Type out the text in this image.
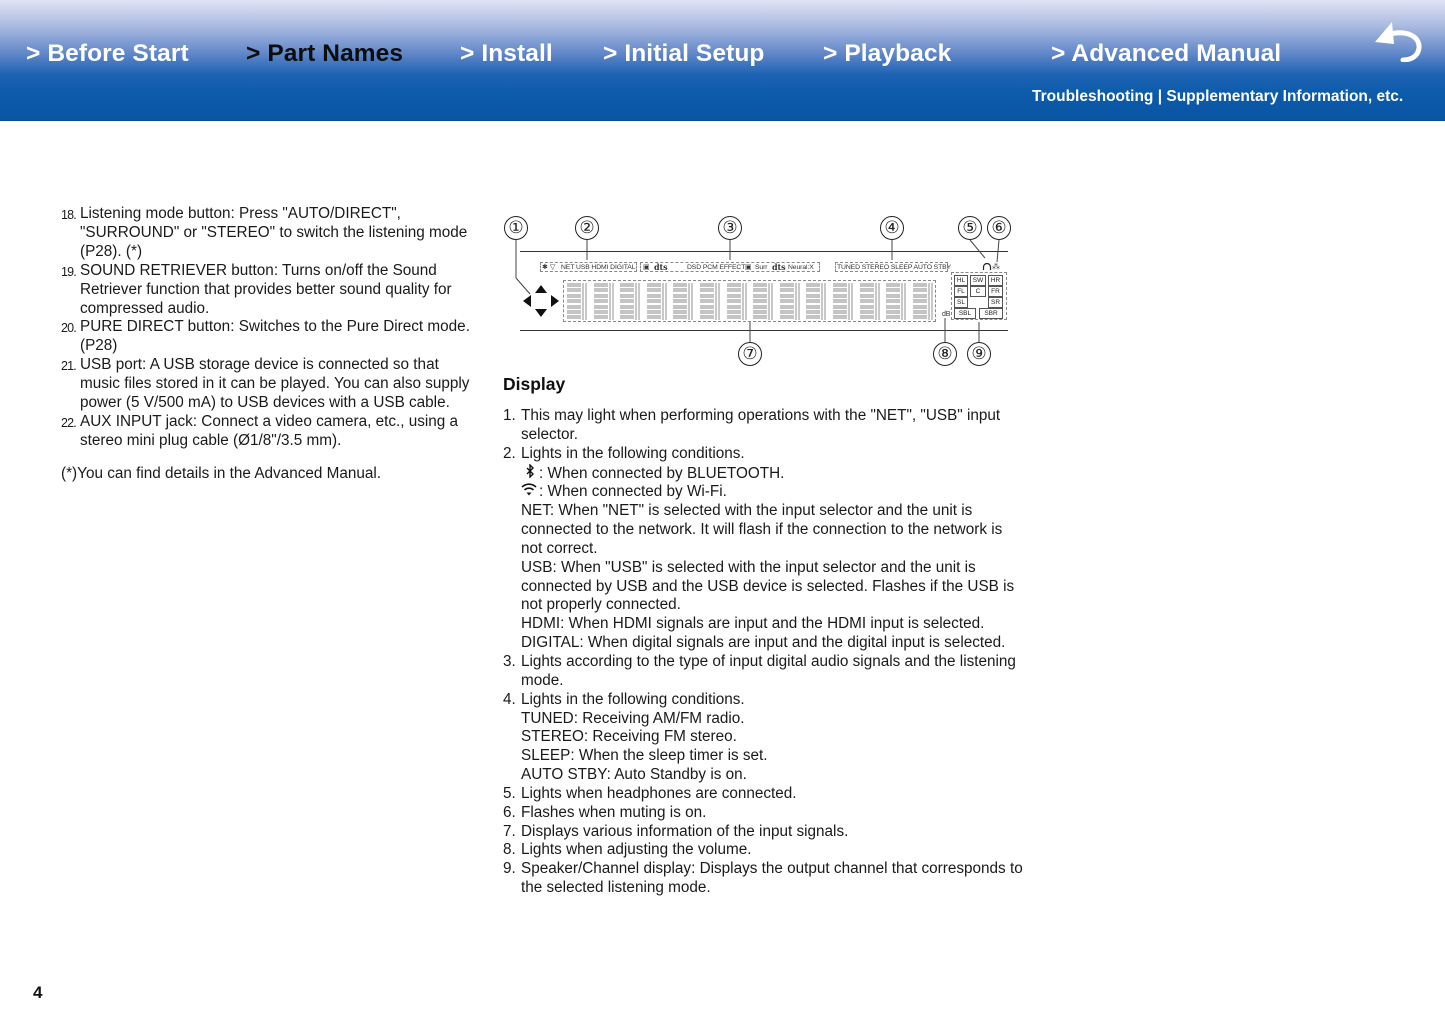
> Before Start > Part Names > Install > Initial Setup > Playback	> Advanced Manual
Troubleshooting | Supplementary Information, etc.
18. Listening mode button: Press "AUTO/DIRECT", "SURROUND" or "STEREO" to switch the listening mode (P28). (*)
19. SOUND RETRIEVER button: Turns on/off the Sound Retriever function that provides better sound quality for compressed audio.
20. PURE DIRECT button: Switches to the Pure Direct mode. (P28)
21. USB port: A USB storage device is connected so that music files stored in it can be played. You can also supply power (5 V/500 mA) to USB devices with a USB cable.
22. AUX INPUT jack: Connect a video camera, etc., using a stereo mini plug cable (Ø1/8"/3.5 mm).
(*)You can find details in the Advanced Manual.
①	②	③	④	⑤ ⑥
⑦	⑧ ⑨
✱ ▽ NET USB HDMI DIGITAL ▣ dts	DSD PCM EFFECT ▣ Surr dts Neural:X	TUNED STEREO SLEEP AUTO STBY	⁂
dB
HL	SW	HR
FL	C	FR
SL	SR
SBL	SBR
Display
1. This may light when performing operations with the "NET", "USB" input selector.
2. Lights in the following conditions.
: When connected by BLUETOOTH.
: When connected by Wi-Fi.
NET: When "NET" is selected with the input selector and the unit is connected to the network. It will flash if the connection to the network is not correct.
USB: When "USB" is selected with the input selector and the unit is connected by USB and the USB device is selected. Flashes if the USB is not properly connected.
HDMI: When HDMI signals are input and the HDMI input is selected.
DIGITAL: When digital signals are input and the digital input is selected.
3. Lights according to the type of input digital audio signals and the listening mode.
4. Lights in the following conditions.
TUNED: Receiving AM/FM radio.
STEREO: Receiving FM stereo.
SLEEP: When the sleep timer is set.
AUTO STBY: Auto Standby is on.
5. Lights when headphones are connected.
6. Flashes when muting is on.
7. Displays various information of the input signals.
8. Lights when adjusting the volume.
9. Speaker/Channel display: Displays the output channel that corresponds to the selected listening mode.
4
